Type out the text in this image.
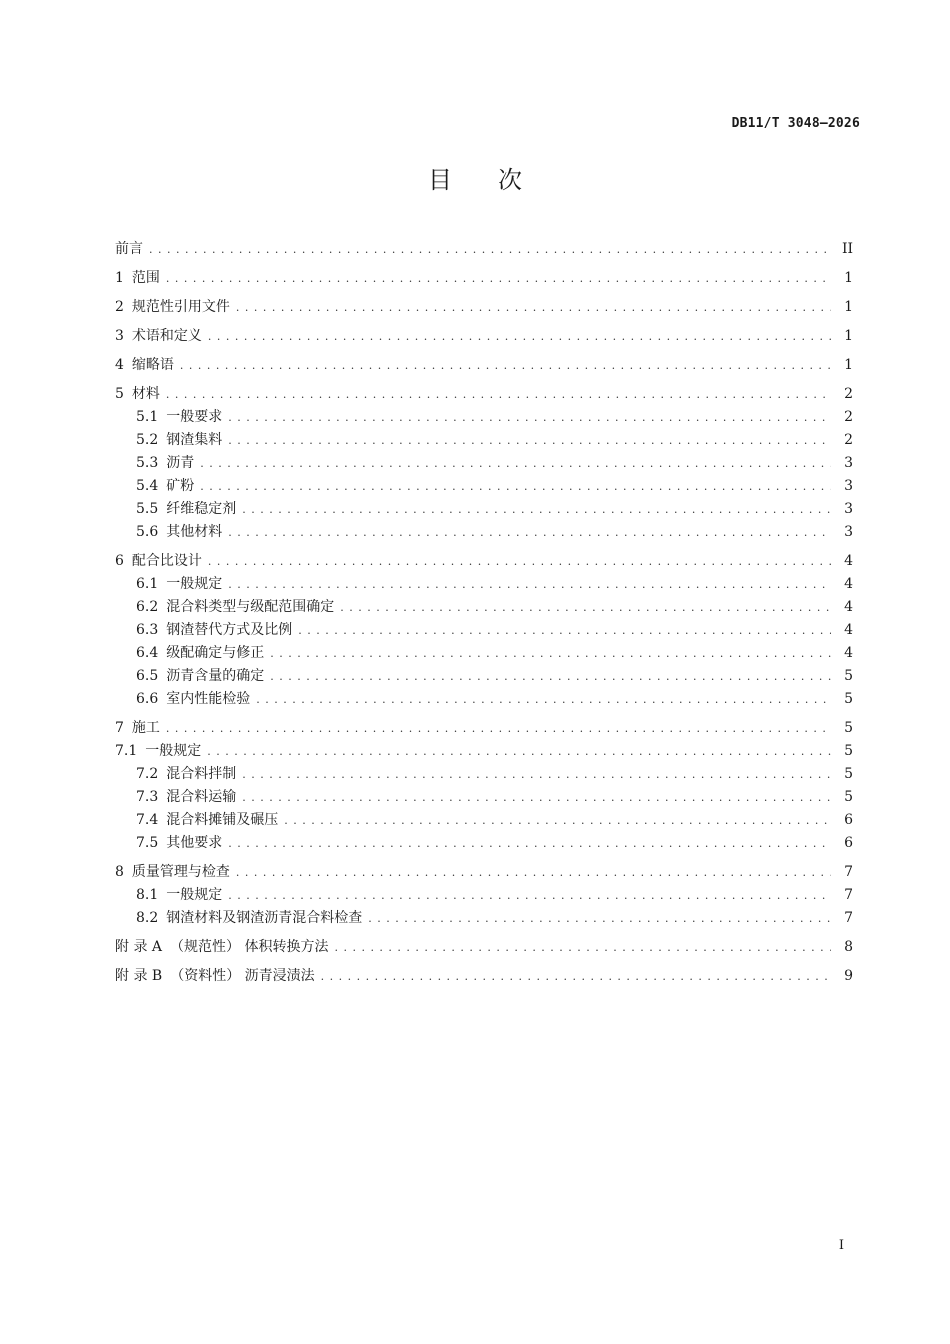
DB11/T 3048—2026
目次
前言 . . .	II
1 范围 . . .	1
2 规范性引用文件 . . .	1
3 术语和定义 . . .	1
4 缩略语 . . .	1
5 材料 . . .	2
5.1 一般要求 . . .	2
5.2 钢渣集料 . . .	2
5.3 沥青 . . .	3
5.4 矿粉 . . .	3
5.5 纤维稳定剂 . . .	3
5.6 其他材料 . . .	3
6 配合比设计 . . .	4
6.1 一般规定 . . .	4
6.2 混合料类型与级配范围确定 . . .	4
6.3 钢渣替代方式及比例 . . .	4
6.4 级配确定与修正 . . .	4
6.5 沥青含量的确定 . . .	5
6.6 室内性能检验 . . .	5
7 施工 . . .	5
7.1 一般规定 . . .	5
7.2 混合料拌制 . . .	5
7.3 混合料运输 . . .	5
7.4 混合料摊铺及碾压 . . .	6
7.5 其他要求 . . .	6
8 质量管理与检查 . . .	7
8.1 一般规定 . . .	7
8.2 钢渣材料及钢渣沥青混合料检查 . . .	7
附 录 A （规范性） 体积转换方法 . . .	8
附 录 B （资料性） 沥青浸渍法 . . .	9
I
